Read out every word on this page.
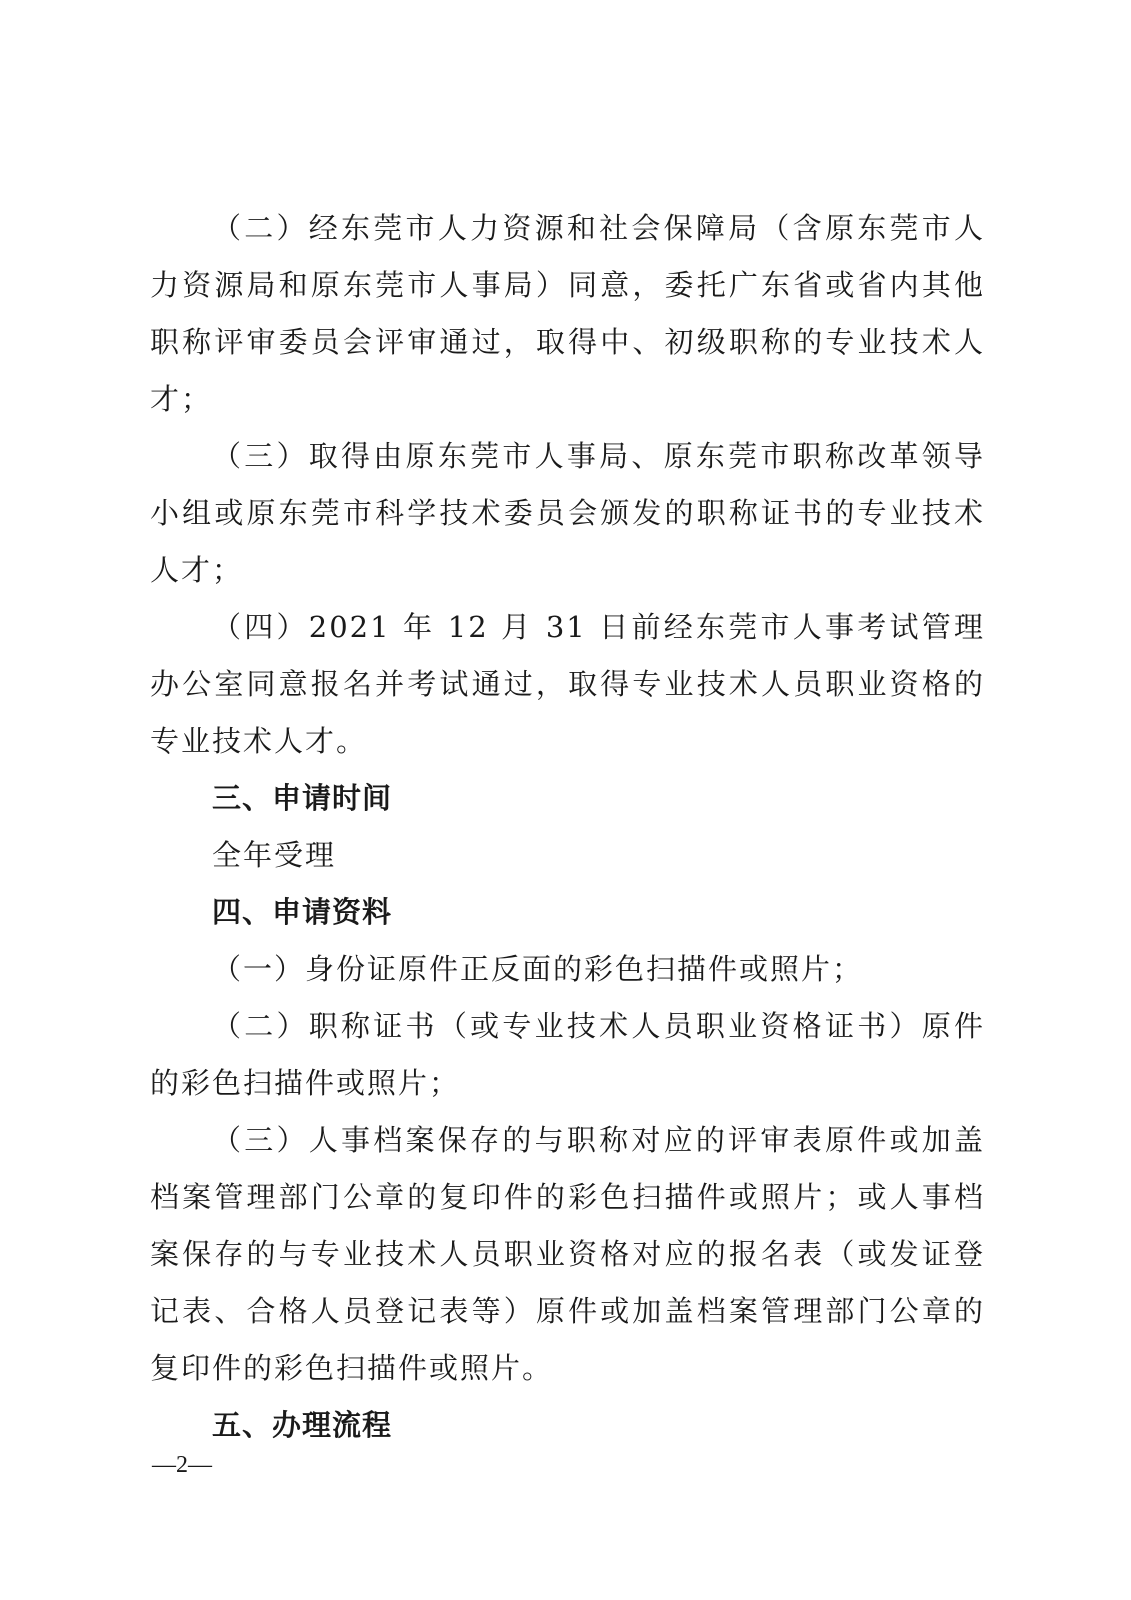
（二）经东莞市人力资源和社会保障局（含原东莞市人力资源局和原东莞市人事局）同意，委托广东省或省内其他职称评审委员会评审通过，取得中、初级职称的专业技术人才；

（三）取得由原东莞市人事局、原东莞市职称改革领导小组或原东莞市科学技术委员会颁发的职称证书的专业技术人才；

（四）2021 年 12 月 31 日前经东莞市人事考试管理办公室同意报名并考试通过，取得专业技术人员职业资格的专业技术人才。

三、申请时间

全年受理

四、申请资料

（一）身份证原件正反面的彩色扫描件或照片；

（二）职称证书（或专业技术人员职业资格证书）原件的彩色扫描件或照片；

（三）人事档案保存的与职称对应的评审表原件或加盖档案管理部门公章的复印件的彩色扫描件或照片；或人事档案保存的与专业技术人员职业资格对应的报名表（或发证登记表、合格人员登记表等）原件或加盖档案管理部门公章的复印件的彩色扫描件或照片。

五、办理流程

—2—
